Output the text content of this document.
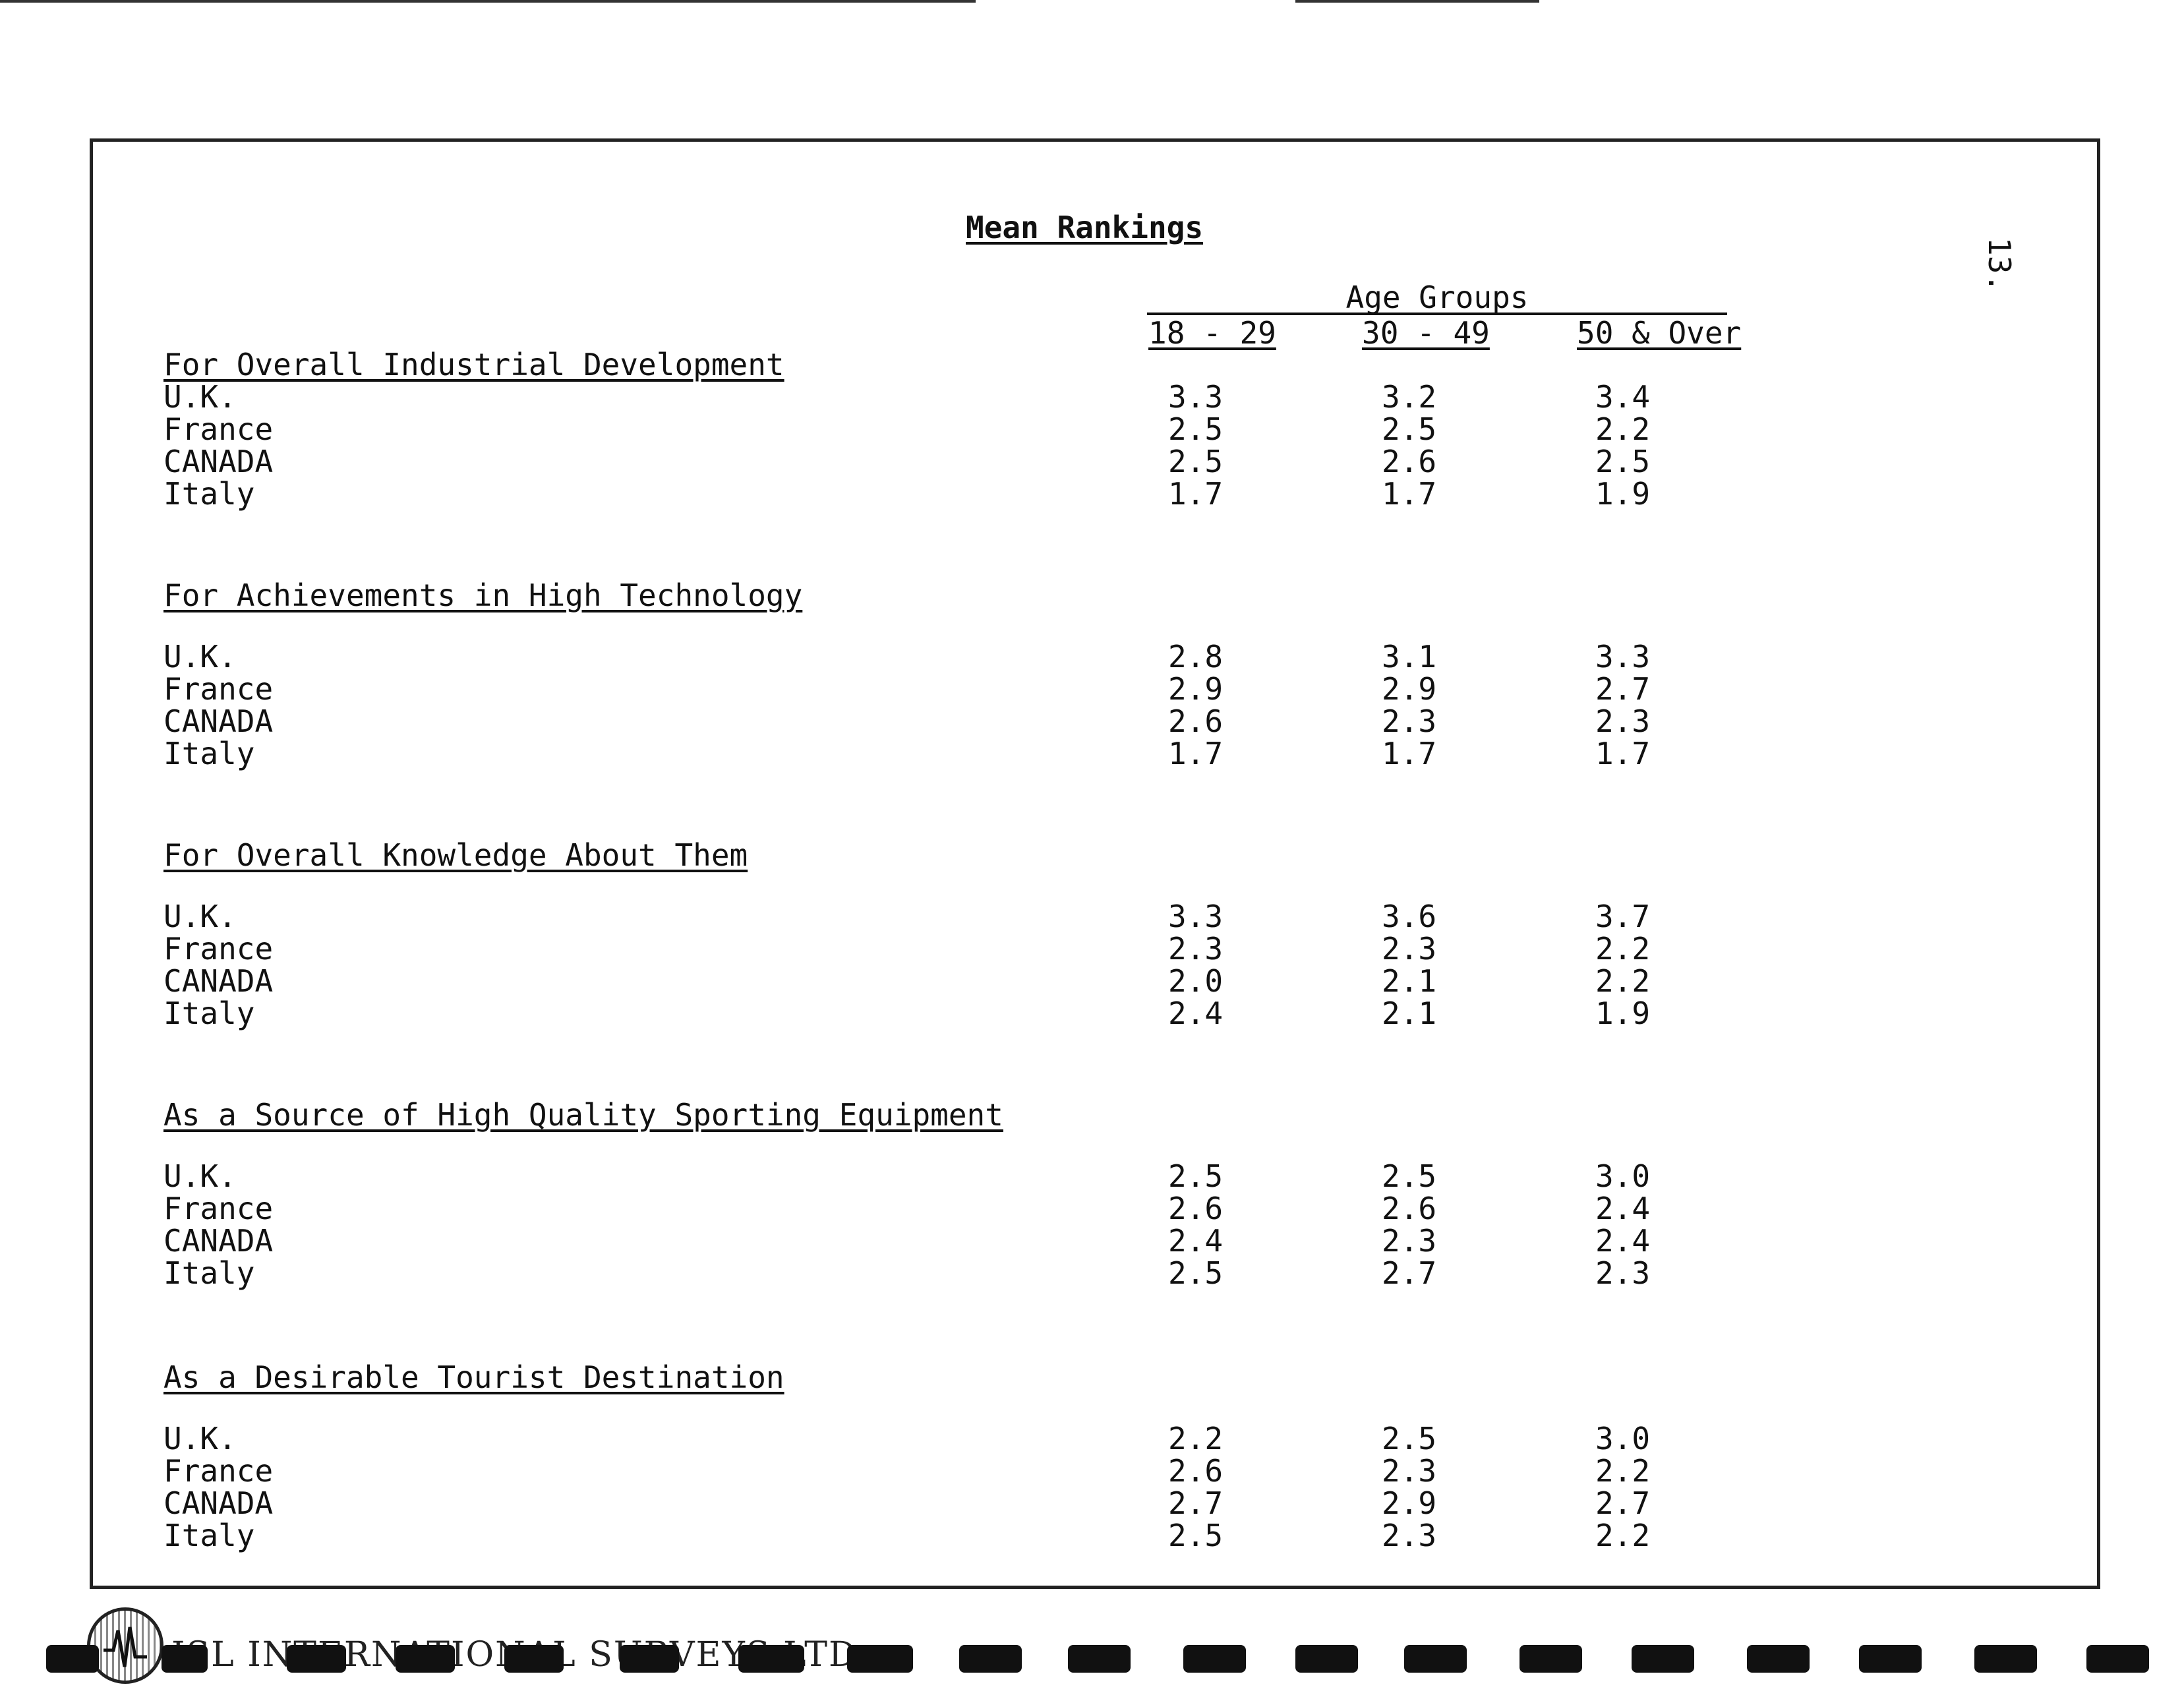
Mean Rankings
13.
Age Groups
18 - 29	30 - 49	50 & Over
For Overall Industrial Development
U.K.	3.3	3.2	3.4
France	2.5	2.5	2.2
CANADA	2.5	2.6	2.5
Italy	1.7	1.7	1.9
For Achievements in High Technology
U.K.	2.8	3.1	3.3
France	2.9	2.9	2.7
CANADA	2.6	2.3	2.3
Italy	1.7	1.7	1.7
For Overall Knowledge About Them
U.K.	3.3	3.6	3.7
France	2.3	2.3	2.2
CANADA	2.0	2.1	2.2
Italy	2.4	2.1	1.9
As a Source of High Quality Sporting Equipment
U.K.	2.5	2.5	3.0
France	2.6	2.6	2.4
CANADA	2.4	2.3	2.4
Italy	2.5	2.7	2.3
As a Desirable Tourist Destination
U.K.	2.2	2.5	3.0
France	2.6	2.3	2.2
CANADA	2.7	2.9	2.7
Italy	2.5	2.3	2.2
SURVEYS LTD
